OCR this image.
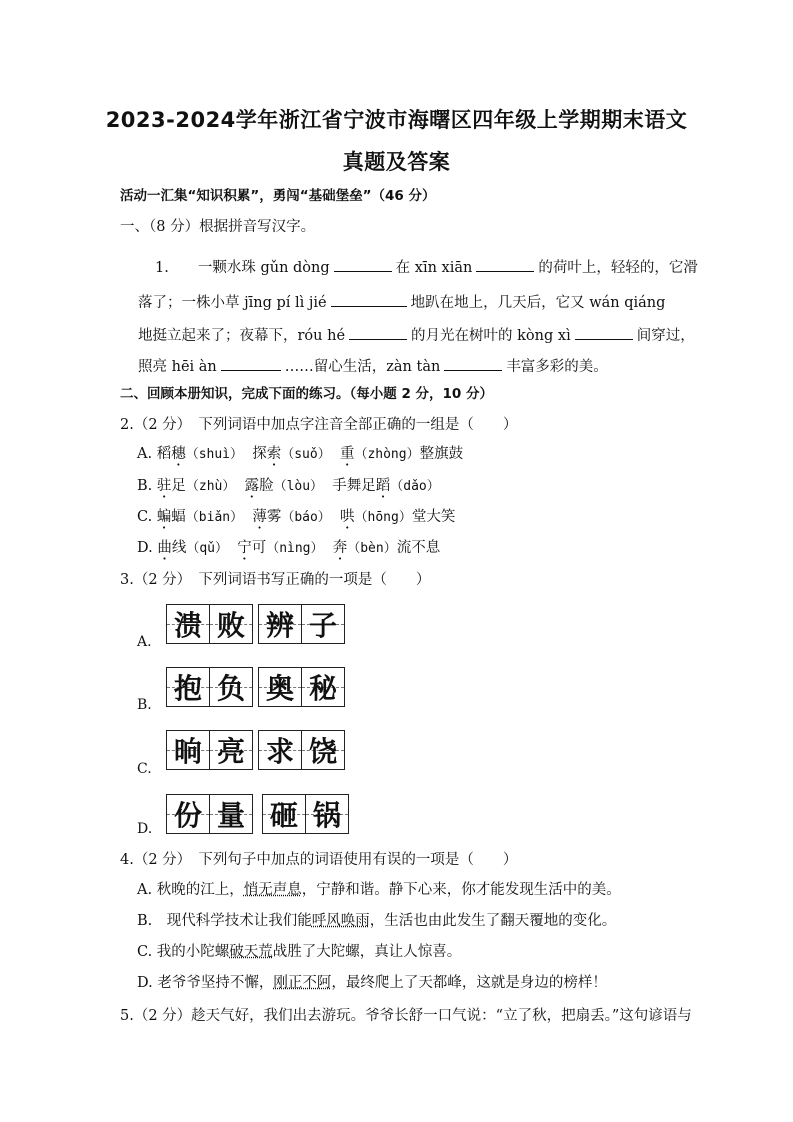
2023-2024学年浙江省宁波市海曙区四年级上学期期末语文
真题及答案
活动一汇集“知识积累”，勇闯“基础堡垒”（46 分）
一、（8 分）根据拼音写汉字。
1.　　一颗水珠 gǔn dòng	在 xīn xiān	的荷叶上，轻轻的，它滑
落了；一株小草 jīng pí lì jié	地趴在地上，几天后，它又 wán qiáng
地挺立起来了；夜幕下，róu hé	的月光在树叶的 kòng xì	间穿过，
照亮 hēi àn	……留心生活，zàn tàn	丰富多彩的美。
二、回顾本册知识，完成下面的练习。（每小题 2 分，10 分）
2.（2 分）　下列词语中加点字注音全部正确的一组是（　　）
A. 稻穗（shuì） 探索（suǒ） 重（zhòng）整旗鼓
B. 驻足（zhù） 露脸（lòu） 手舞足蹈（dǎo）
C. 蝙蝠（biǎn） 薄雾（báo） 哄（hōng）堂大笑
D. 曲线（qǔ） 宁可（nìng） 奔（bèn）流不息
3.（2 分）　下列词语书写正确的一项是（　　）
A. 溃 败 辨 子
B. 抱 负 奥 秘
C.
晌 亮 求 饶
D. 份 量 砸 锅
4.（2 分）　下列句子中加点的词语使用有误的一项是（　　）
A. 秋晚的江上，悄无声息，宁静和谐。静下心来，你才能发现生活中的美。
B.　现代科学技术让我们能呼风唤雨，生活也由此发生了翻天覆地的变化。
C. 我的小陀螺破天荒战胜了大陀螺，真让人惊喜。
D. 老爷爷坚持不懈，刚正不阿，最终爬上了天都峰，这就是身边的榜样！
5.（2 分）趁天气好，我们出去游玩。爷爷长舒一口气说：“立了秋，把扇丢。”这句谚语与
